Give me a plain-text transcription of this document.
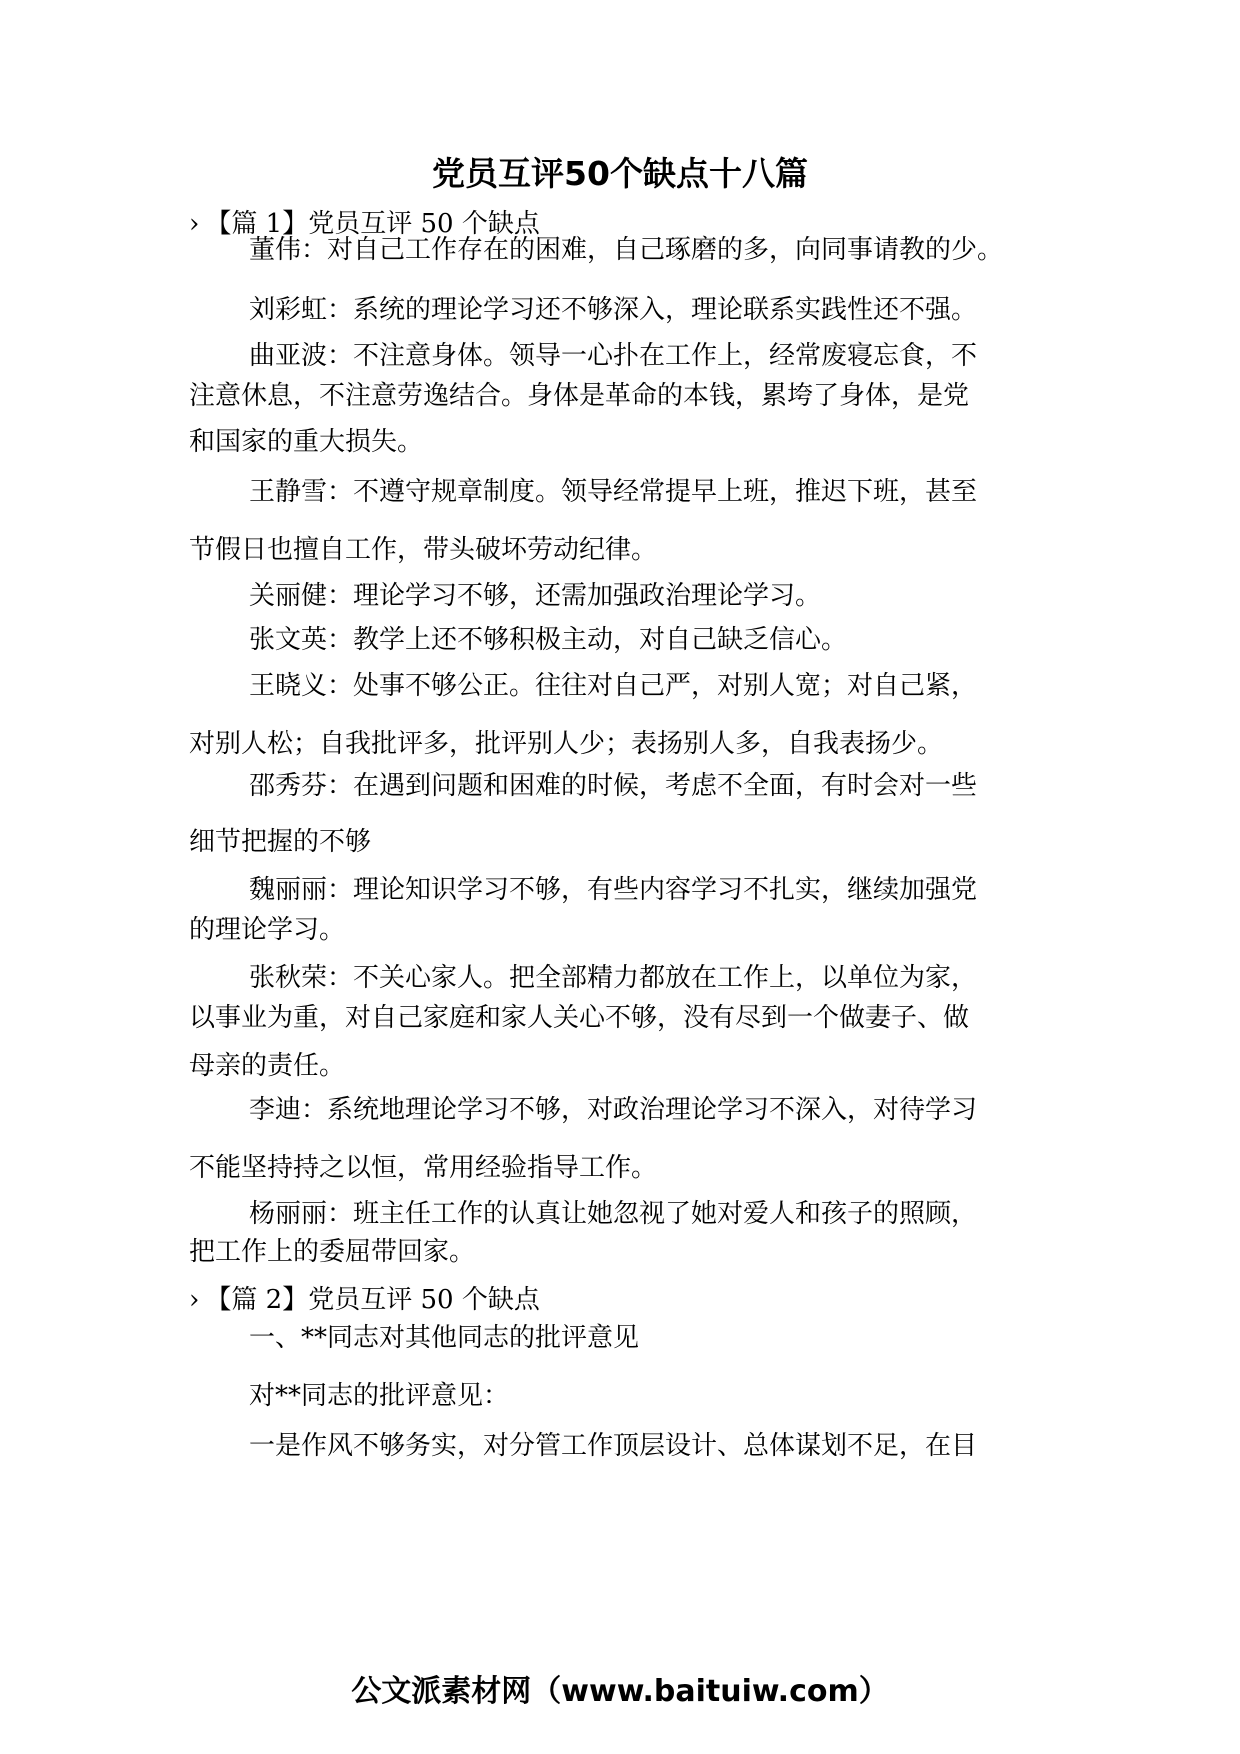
党员互评50个缺点十八篇
› 【篇 1】党员互评 50 个缺点
董伟：对自己工作存在的困难，自己琢磨的多，向同事请教的少。
刘彩虹：系统的理论学习还不够深入，理论联系实践性还不强。
曲亚波：不注意身体。领导一心扑在工作上，经常废寝忘食，不
注意休息，不注意劳逸结合。身体是革命的本钱，累垮了身体，是党
和国家的重大损失。
王静雪：不遵守规章制度。领导经常提早上班，推迟下班，甚至
节假日也擅自工作，带头破坏劳动纪律。
关丽健：理论学习不够，还需加强政治理论学习。
张文英：教学上还不够积极主动，对自己缺乏信心。
王晓义：处事不够公正。往往对自己严，对别人宽；对自己紧，
对别人松；自我批评多，批评别人少；表扬别人多，自我表扬少。
邵秀芬：在遇到问题和困难的时候，考虑不全面，有时会对一些
细节把握的不够
魏丽丽：理论知识学习不够，有些内容学习不扎实，继续加强党
的理论学习。
张秋荣：不关心家人。把全部精力都放在工作上，以单位为家，
以事业为重，对自己家庭和家人关心不够，没有尽到一个做妻子、做
母亲的责任。
李迪：系统地理论学习不够，对政治理论学习不深入，对待学习
不能坚持持之以恒，常用经验指导工作。
杨丽丽：班主任工作的认真让她忽视了她对爱人和孩子的照顾，
把工作上的委屈带回家。
› 【篇 2】党员互评 50 个缺点
一、**同志对其他同志的批评意见
对**同志的批评意见：
一是作风不够务实，对分管工作顶层设计、总体谋划不足，在目
公文派素材网（www.baituiw.com）
